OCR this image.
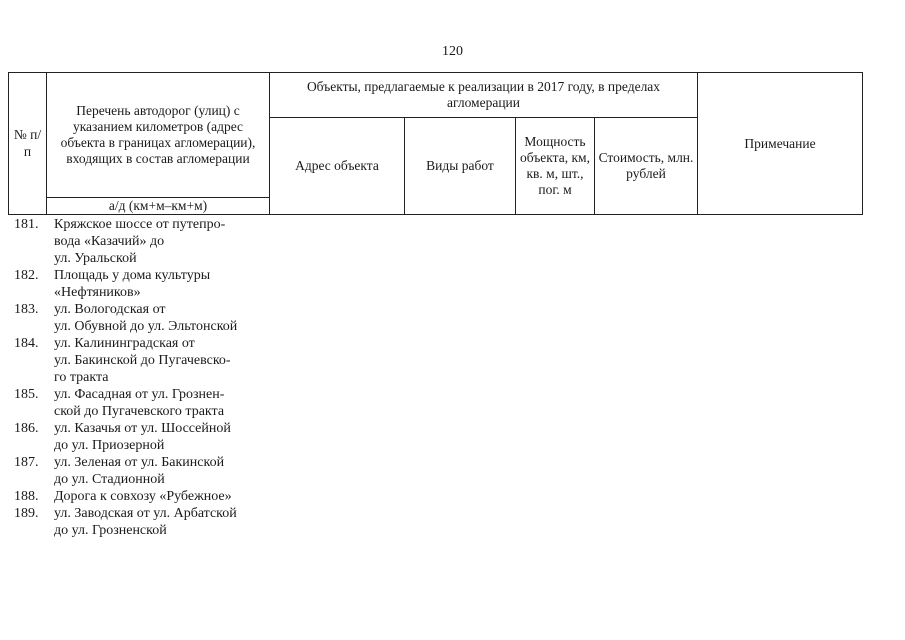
120
№ п/п	Перечень автодорог (улиц) с указанием километров (адрес объекта в границах агломерации), входящих в состав агломерации	Объекты, предлагаемые к реализации в 2017 году, в пределах агломерации				Примечание
		Адрес объекта	Виды работ	Мощность объекта, км, кв. м, шт., пог. м	Стоимость, млн. рублей	
	а/д (км+м–км+м)					
181.	Кряжское шоссе от путепро-
вода «Казачий» до
ул. Уральской
182.	Площадь у дома культуры
«Нефтяников»
183.	ул. Вологодская от
ул. Обувной до ул. Эльтонской
184.	ул. Калининградская от
ул. Бакинской до Пугачевско-
го тракта
185.	ул. Фасадная от ул. Грознен-
ской до Пугачевского тракта
186.	ул. Казачья от ул. Шоссейной
до ул. Приозерной
187.	ул. Зеленая от ул. Бакинской
до ул. Стадионной
188.	Дорога к совхозу «Рубежное»
189.	ул. Заводская от ул. Арбатской
до ул. Грозненской
